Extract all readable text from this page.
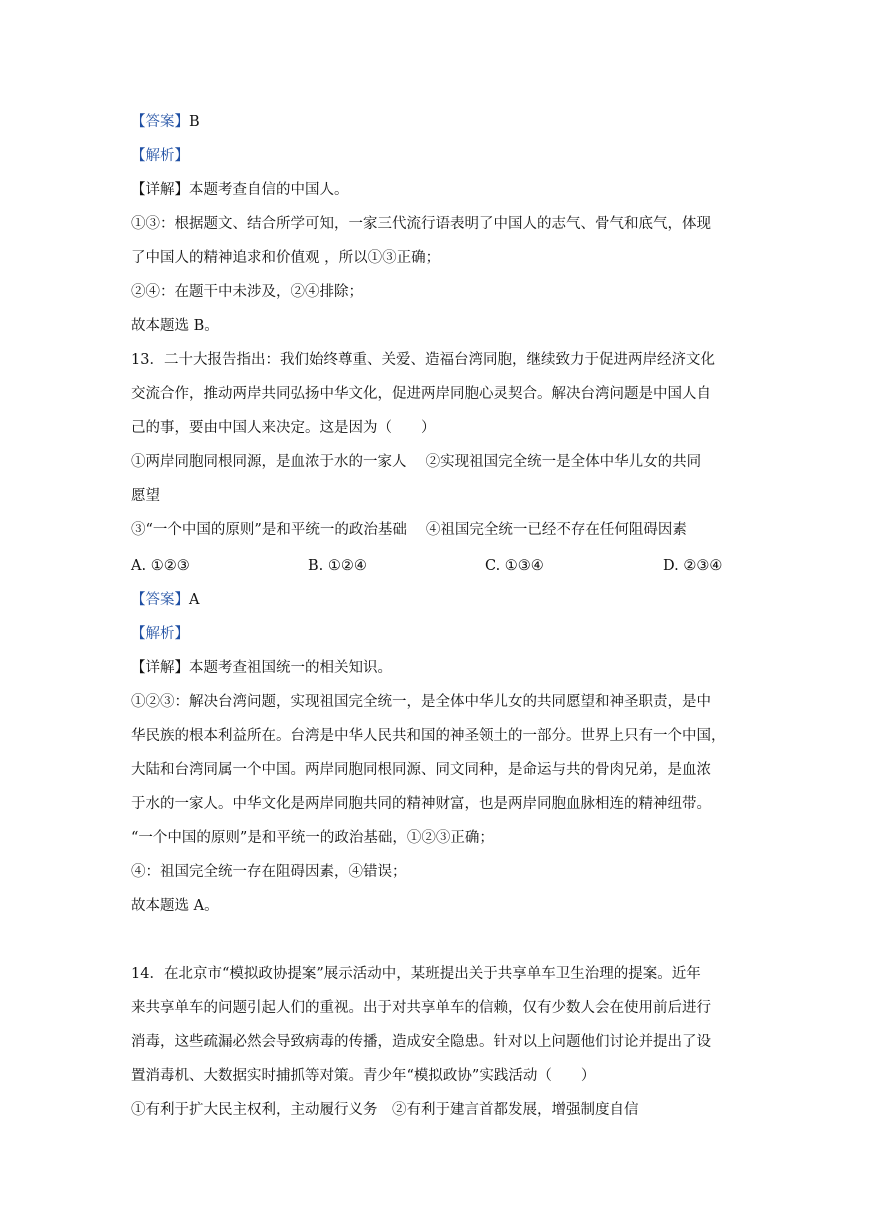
【答案】B
【解析】
【详解】本题考查自信的中国人。
①③：根据题文、结合所学可知，一家三代流行语表明了中国人的志气、骨气和底气，体现
了中国人的精神追求和价值观 ，所以①③正确；
②④：在题干中未涉及，②④排除；
故本题选 B。
13．二十大报告指出：我们始终尊重、关爱、造福台湾同胞，继续致力于促进两岸经济文化
交流合作，推动两岸共同弘扬中华文化，促进两岸同胞心灵契合。解决台湾问题是中国人自
己的事，要由中国人来决定。这是因为（　　）
①两岸同胞同根同源，是血浓于水的一家人　 ②实现祖国完全统一是全体中华儿女的共同
愿望
③“一个中国的原则”是和平统一的政治基础　 ④祖国完全统一已经不存在任何阻碍因素
A. ①②③	B. ①②④	C. ①③④	D. ②③④
【答案】A
【解析】
【详解】本题考查祖国统一的相关知识。
①②③：解决台湾问题，实现祖国完全统一，是全体中华儿女的共同愿望和神圣职责，是中
华民族的根本利益所在。台湾是中华人民共和国的神圣领土的一部分。世界上只有一个中国，
大陆和台湾同属一个中国。两岸同胞同根同源、同文同种，是命运与共的骨肉兄弟，是血浓
于水的一家人。中华文化是两岸同胞共同的精神财富，也是两岸同胞血脉相连的精神纽带。
“一个中国的原则”是和平统一的政治基础，①②③正确；
④：祖国完全统一存在阻碍因素，④错误；
故本题选 A。
14．在北京市“模拟政协提案”展示活动中，某班提出关于共享单车卫生治理的提案。近年
来共享单车的问题引起人们的重视。出于对共享单车的信赖，仅有少数人会在使用前后进行
消毒，这些疏漏必然会导致病毒的传播，造成安全隐患。针对以上问题他们讨论并提出了设
置消毒机、大数据实时捕抓等对策。青少年“模拟政协”实践活动（　　）
①有利于扩大民主权利，主动履行义务　②有利于建言首都发展，增强制度自信
